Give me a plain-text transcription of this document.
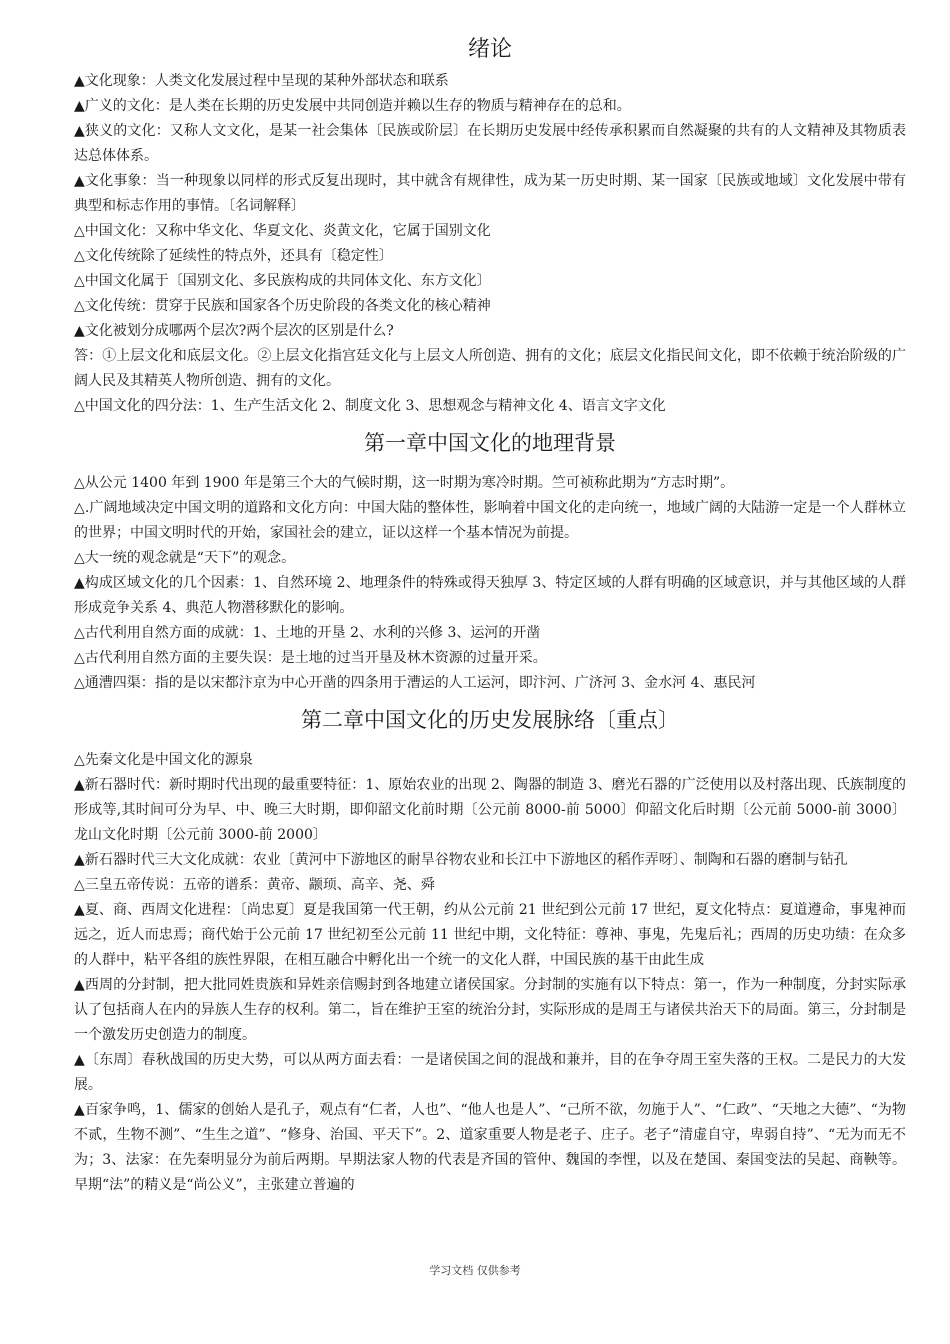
绪论

▲文化现象：人类文化发展过程中呈现的某种外部状态和联系

▲广义的文化：是人类在长期的历史发展中共同创造并赖以生存的物质与精神存在的总和。

▲狭义的文化：又称人文文化，是某一社会集体〔民族或阶层〕在长期历史发展中经传承积累而自然凝聚的共有的人文精神及其物质表达总体体系。

▲文化事象：当一种现象以同样的形式反复出现时，其中就含有规律性，成为某一历史时期、某一国家〔民族或地域〕文化发展中带有典型和标志作用的事情。〔名词解释〕

△中国文化：又称中华文化、华夏文化、炎黄文化，它属于国别文化

△文化传统除了延续性的特点外，还具有〔稳定性〕

△中国文化属于〔国别文化、多民族构成的共同体文化、东方文化〕

△文化传统：贯穿于民族和国家各个历史阶段的各类文化的核心精神

▲文化被划分成哪两个层次?两个层次的区别是什么?

答：①上层文化和底层文化。②上层文化指宫廷文化与上层文人所创造、拥有的文化；底层文化指民间文化，即不依赖于统治阶级的广阔人民及其精英人物所创造、拥有的文化。

△中国文化的四分法：1、生产生活文化 2、制度文化 3、思想观念与精神文化 4、语言文字文化

第一章中国文化的地理背景

△从公元 1400 年到 1900 年是第三个大的气候时期，这一时期为寒冷时期。竺可祯称此期为“方志时期”。

△.广阔地域决定中国文明的道路和文化方向：中国大陆的整体性，影响着中国文化的走向统一，地域广阔的大陆游一定是一个人群林立的世界；中国文明时代的开始，家国社会的建立，证以这样一个基本情况为前提。

△大一统的观念就是“天下”的观念。

▲构成区域文化的几个因素：1、自然环境 2、地理条件的特殊或得天独厚 3、特定区域的人群有明确的区域意识，并与其他区域的人群形成竞争关系 4、典范人物潜移默化的影响。

△古代利用自然方面的成就：1、土地的开垦 2、水利的兴修 3、运河的开凿

△古代利用自然方面的主要失误：是土地的过当开垦及林木资源的过量开采。

△通漕四渠：指的是以宋都汴京为中心开凿的四条用于漕运的人工运河，即汴河、广济河 3、金水河 4、惠民河

第二章中国文化的历史发展脉络〔重点〕

△先秦文化是中国文化的源泉

▲新石器时代：新时期时代出现的最重要特征：1、原始农业的出现 2、陶器的制造 3、磨光石器的广泛使用以及村落出现、氏族制度的形成等,其时间可分为早、中、晚三大时期，即仰韶文化前时期〔公元前 8000-前 5000〕仰韶文化后时期〔公元前 5000-前 3000〕龙山文化时期〔公元前 3000-前 2000〕

▲新石器时代三大文化成就：农业〔黄河中下游地区的耐旱谷物农业和长江中下游地区的稻作弄呀〕、制陶和石器的磨制与钻孔

△三皇五帝传说：五帝的谱系：黄帝、颛顼、高辛、尧、舜

▲夏、商、西周文化进程：〔尚忠夏〕夏是我国第一代王朝，约从公元前 21 世纪到公元前 17 世纪，夏文化特点：夏道遵命，事鬼神而远之，近人而忠焉；商代始于公元前 17 世纪初至公元前 11 世纪中期，文化特征：尊神、事鬼，先鬼后礼；西周的历史功绩：在众多的人群中，粘平各组的族性界限，在相互融合中孵化出一个统一的文化人群，中国民族的基干由此生成

▲西周的分封制，把大批同姓贵族和异姓亲信赐封到各地建立诸侯国家。分封制的实施有以下特点：第一，作为一种制度，分封实际承认了包括商人在内的异族人生存的权利。第二，旨在维护王室的统治分封，实际形成的是周王与诸侯共治天下的局面。第三，分封制是一个激发历史创造力的制度。

▲〔东周〕春秋战国的历史大势，可以从两方面去看：一是诸侯国之间的混战和兼并，目的在争夺周王室失落的王权。二是民力的大发展。

▲百家争鸣，1、儒家的创始人是孔子，观点有“仁者，人也”、“他人也是人”、“己所不欲，勿施于人”、“仁政”、“天地之大德”、“为物不贰，生物不测”、“生生之道”、“修身、治国、平天下”。2、道家重要人物是老子、庄子。老子“清虚自守，卑弱自持”、“无为而无不为；3、法家：在先秦明显分为前后两期。早期法家人物的代表是齐国的管仲、魏国的李悝，以及在楚国、秦国变法的吴起、商鞅等。早期“法”的精义是“尚公义”，主张建立普遍的

学习文档 仅供参考
